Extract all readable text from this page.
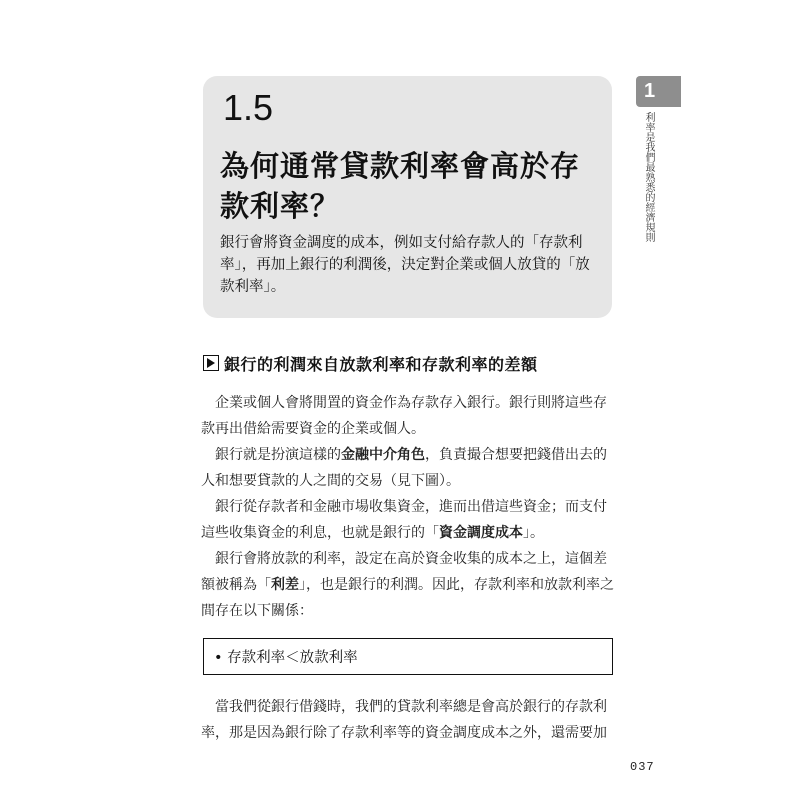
1.5
為何通常貸款利率會高於存款利率？
銀行會將資金調度的成本，例如支付給存款人的「存款利率」，再加上銀行的利潤後，決定對企業或個人放貸的「放款利率」。
1
利率是我們最熟悉的經濟規則
銀行的利潤來自放款利率和存款利率的差額

企業或個人會將閒置的資金作為存款存入銀行。銀行則將這些存款再出借給需要資金的企業或個人。

銀行就是扮演這樣的金融中介角色，負責撮合想要把錢借出去的人和想要貸款的人之間的交易（見下圖）。

銀行從存款者和金融市場收集資金，進而出借這些資金；而支付這些收集資金的利息，也就是銀行的「資金調度成本」。

銀行會將放款的利率，設定在高於資金收集的成本之上，這個差額被稱為「利差」，也是銀行的利潤。因此，存款利率和放款利率之間存在以下關係：

• 存款利率＜放款利率

當我們從銀行借錢時，我們的貸款利率總是會高於銀行的存款利率，那是因為銀行除了存款利率等的資金調度成本之外，還需要加

037
